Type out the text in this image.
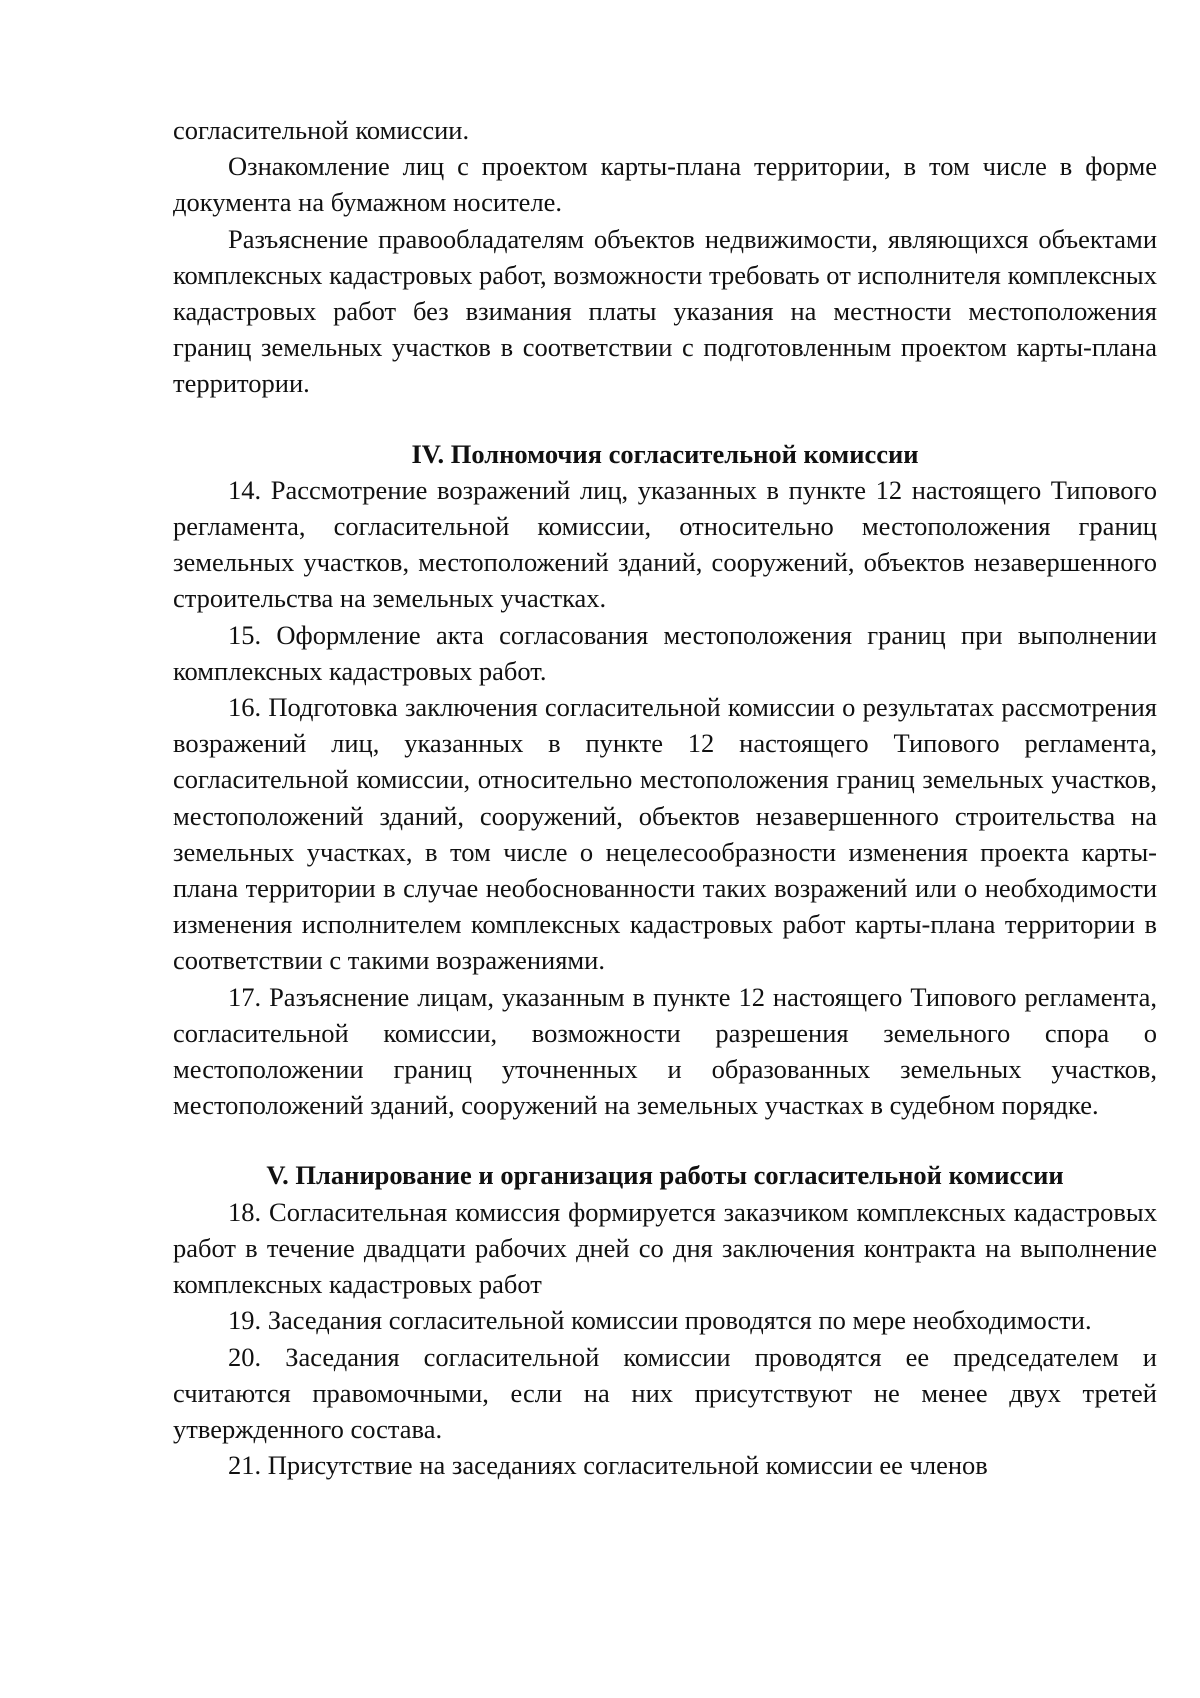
согласительной комиссии.

Ознакомление лиц с проектом карты-плана территории, в том числе в форме документа на бумажном носителе.

Разъяснение правообладателям объектов недвижимости, являющихся объектами комплексных кадастровых работ, возможности требовать от исполнителя комплексных кадастровых работ без взимания платы указания на местности местоположения границ земельных участков в соответствии с подготовленным проектом карты-плана территории.

IV. Полномочия согласительной комиссии

14. Рассмотрение возражений лиц, указанных в пункте 12 настоящего Типового регламента, согласительной комиссии, относительно местоположения границ земельных участков, местоположений зданий, сооружений, объектов незавершенного строительства на земельных участках.

15. Оформление акта согласования местоположения границ при выполнении комплексных кадастровых работ.

16. Подготовка заключения согласительной комиссии о результатах рассмотрения возражений лиц, указанных в пункте 12 настоящего Типового регламента, согласительной комиссии, относительно местоположения границ земельных участков, местоположений зданий, сооружений, объектов незавершенного строительства на земельных участках, в том числе о нецелесообразности изменения проекта карты-плана территории в случае необоснованности таких возражений или о необходимости изменения исполнителем комплексных кадастровых работ карты-плана территории в соответствии с такими возражениями.

17. Разъяснение лицам, указанным в пункте 12 настоящего Типового регламента, согласительной комиссии, возможности разрешения земельного спора о местоположении границ уточненных и образованных земельных участков, местоположений зданий, сооружений на земельных участках в судебном порядке.

V. Планирование и организация работы согласительной комиссии

18. Согласительная комиссия формируется заказчиком комплексных кадастровых работ в течение двадцати рабочих дней со дня заключения контракта на выполнение комплексных кадастровых работ

19. Заседания согласительной комиссии проводятся по мере необходимости.

20. Заседания согласительной комиссии проводятся ее председателем и считаются правомочными, если на них присутствуют не менее двух третей утвержденного состава.

21. Присутствие на заседаниях согласительной комиссии ее членов
